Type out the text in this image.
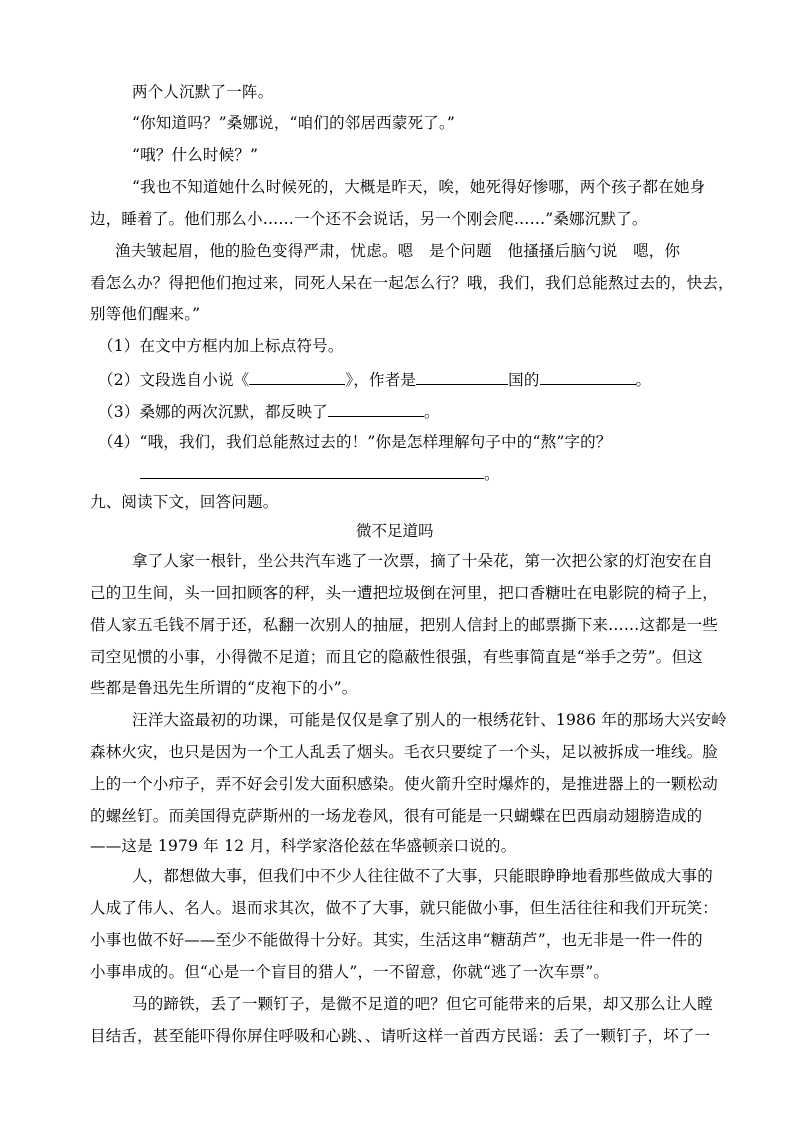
两个人沉默了一阵。
“你知道吗？”桑娜说，“咱们的邻居西蒙死了。”
“哦？什么时候？”
“我也不知道她什么时候死的，大概是昨天，唉，她死得好惨哪，两个孩子都在她身
边，睡着了。他们那么小……一个还不会说话，另一个刚会爬……”桑娜沉默了。
渔夫皱起眉，他的脸色变得严肃，忧虑。嗯　是个问题　他搔搔后脑勺说　嗯，你
看怎么办？得把他们抱过来，同死人呆在一起怎么行？哦，我们，我们总能熬过去的，快去，
别等他们醒来。”
（1）在文中方框内加上标点符号。
（2）文段选自小说《	》，作者是	国的	。
（3）桑娜的两次沉默，都反映了	。
（4）“哦，我们，我们总能熬过去的！”你是怎样理解句子中的“熬”字的？
。
九、阅读下文，回答问题。
微不足道吗
拿了人家一根针，坐公共汽车逃了一次票，摘了十朵花，第一次把公家的灯泡安在自
己的卫生间，头一回扣顾客的秤，头一遭把垃圾倒在河里，把口香糖吐在电影院的椅子上，
借人家五毛钱不屑于还，私翻一次别人的抽屉，把别人信封上的邮票撕下来……这都是一些
司空见惯的小事，小得微不足道；而且它的隐蔽性很强，有些事简直是“举手之劳”。但这
些都是鲁迅先生所谓的“皮袍下的小”。
汪洋大盗最初的功课，可能是仅仅是拿了别人的一根绣花针、1986 年的那场大兴安岭
森林火灾，也只是因为一个工人乱丢了烟头。毛衣只要绽了一个头，足以被拆成一堆线。脸
上的一个小疖子，弄不好会引发大面积感染。使火箭升空时爆炸的，是推进器上的一颗松动
的螺丝钉。而美国得克萨斯州的一场龙卷风，很有可能是一只蝴蝶在巴西扇动翅膀造成的
——这是 1979 年 12 月，科学家洛伦兹在华盛顿亲口说的。
人，都想做大事，但我们中不少人往往做不了大事，只能眼睁睁地看那些做成大事的
人成了伟人、名人。退而求其次，做不了大事，就只能做小事，但生活往往和我们开玩笑：
小事也做不好——至少不能做得十分好。其实，生活这串“糖葫芦”，也无非是一件一件的
小事串成的。但“心是一个盲目的猎人”，一不留意，你就“逃了一次车票”。
马的蹄铁，丢了一颗钉子，是微不足道的吧？但它可能带来的后果，却又那么让人瞠
目结舌，甚至能吓得你屏住呼吸和心跳、、请听这样一首西方民谣：丢了一颗钉子，坏了一
